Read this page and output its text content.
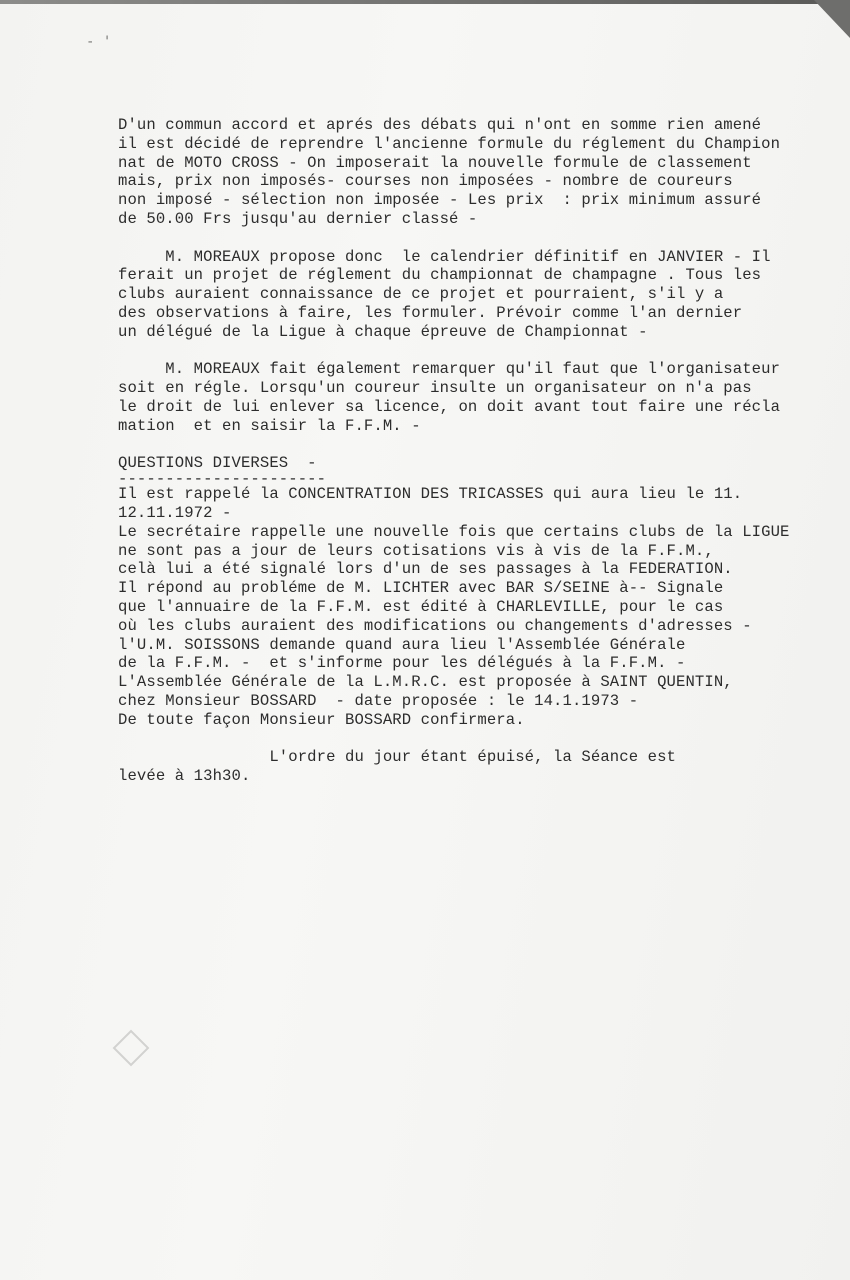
- '
D'un commun accord et aprés des débats qui n'ont en somme rien amené
il est décidé de reprendre l'ancienne formule du réglement du Champion
nat de MOTO CROSS - On imposerait la nouvelle formule de classement
mais, prix non imposés- courses non imposées - nombre de coureurs
non imposé - sélection non imposée - Les prix  : prix minimum assuré
de 50.00 Frs jusqu'au dernier classé -
M. MOREAUX propose donc  le calendrier définitif en JANVIER - Il
ferait un projet de réglement du championnat de champagne . Tous les
clubs auraient connaissance de ce projet et pourraient, s'il y a
des observations à faire, les formuler. Prévoir comme l'an dernier
un délégué de la Ligue à chaque épreuve de Championnat -
M. MOREAUX fait également remarquer qu'il faut que l'organisateur
soit en régle. Lorsqu'un coureur insulte un organisateur on n'a pas
le droit de lui enlever sa licence, on doit avant tout faire une récla
mation  et en saisir la F.F.M. -
QUESTIONS DIVERSES  -
----------------------
Il est rappelé la CONCENTRATION DES TRICASSES qui aura lieu le 11.
12.11.1972 -
Le secrétaire rappelle une nouvelle fois que certains clubs de la LIGUE
ne sont pas a jour de leurs cotisations vis à vis de la F.F.M.,
celà lui a été signalé lors d'un de ses passages à la FEDERATION.
Il répond au probléme de M. LICHTER avec BAR S/SEINE à-- Signale
que l'annuaire de la F.F.M. est édité à CHARLEVILLE, pour le cas
où les clubs auraient des modifications ou changements d'adresses -
l'U.M. SOISSONS demande quand aura lieu l'Assemblée Générale
de la F.F.M. -  et s'informe pour les délégués à la F.F.M. -
L'Assemblée Générale de la L.M.R.C. est proposée à SAINT QUENTIN,
chez Monsieur BOSSARD  - date proposée : le 14.1.1973 -
De toute façon Monsieur BOSSARD confirmera.
L'ordre du jour étant épuisé, la Séance est
levée à 13h30.
